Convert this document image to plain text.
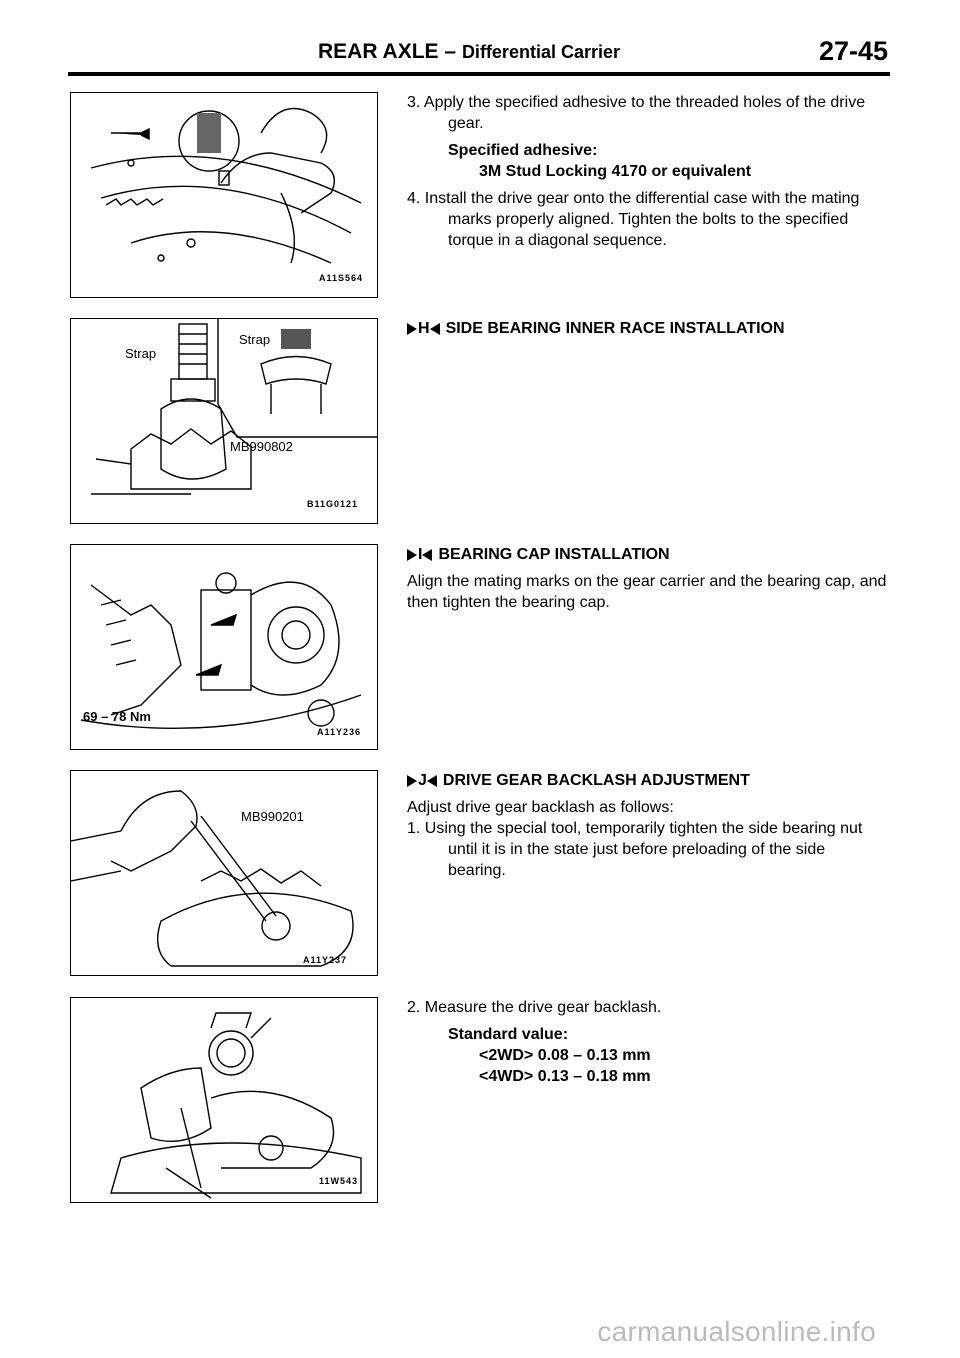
REAR AXLE – Differential Carrier	27-45
A11S564
Strap
Strap
MB990802
B11G0121
69 – 78 Nm
A11Y236
MB990201
A11Y237
11W543

3. Apply the specified adhesive to the threaded holes of the drive gear.

Specified adhesive:

3M Stud Locking 4170 or equivalent

4. Install the drive gear onto the differential case with the mating marks properly aligned. Tighten the bolts to the specified torque in a diagonal sequence.

H SIDE BEARING INNER RACE INSTALLATION
I BEARING CAP INSTALLATION

Align the mating marks on the gear carrier and the bearing cap, and then tighten the bearing cap.

J DRIVE GEAR BACKLASH ADJUSTMENT

Adjust drive gear backlash as follows:

1. Using the special tool, temporarily tighten the side bearing nut until it is in the state just before preloading of the side bearing.

2. Measure the drive gear backlash.

Standard value:

<2WD> 0.08 – 0.13 mm

<4WD> 0.13 – 0.18 mm

carmanualsonline.info
